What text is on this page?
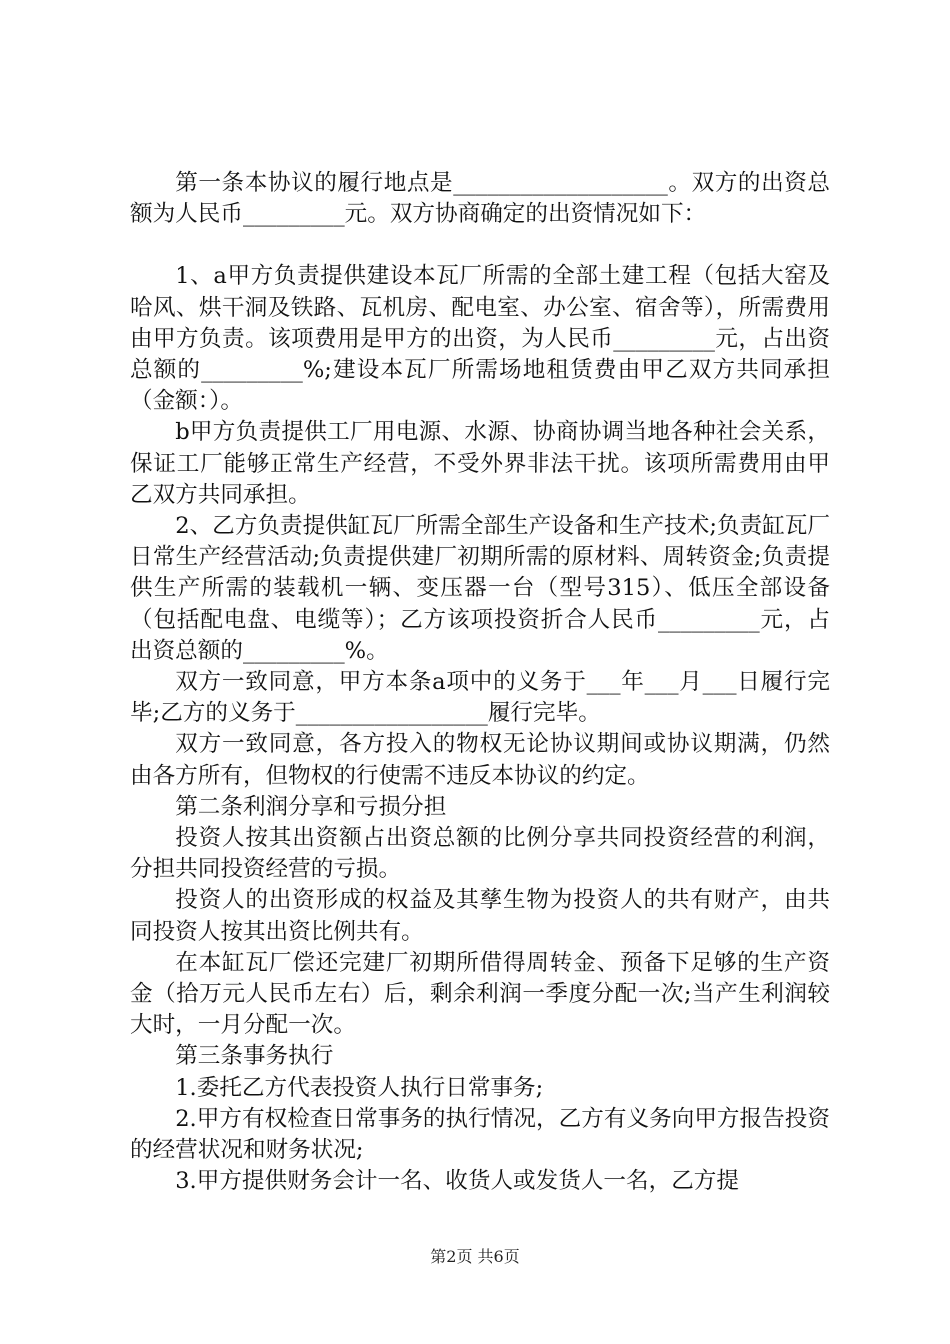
第一条本协议的履行地点是___________________。双方的出资总额为人民币_________元。双方协商确定的出资情况如下：

1、a甲方负责提供建设本瓦厂所需的全部土建工程（包括大窑及哈风、烘干洞及铁路、瓦机房、配电室、办公室、宿舍等），所需费用由甲方负责。该项费用是甲方的出资，为人民币_________元，占出资总额的_________%;建设本瓦厂所需场地租赁费由甲乙双方共同承担（金额：）。

b甲方负责提供工厂用电源、水源、协商协调当地各种社会关系，保证工厂能够正常生产经营，不受外界非法干扰。该项所需费用由甲乙双方共同承担。

2、乙方负责提供缸瓦厂所需全部生产设备和生产技术;负责缸瓦厂日常生产经营活动;负责提供建厂初期所需的原材料、周转资金;负责提供生产所需的装载机一辆、变压器一台（型号315）、低压全部设备（包括配电盘、电缆等）；乙方该项投资折合人民币_________元，占出资总额的_________%。

双方一致同意，甲方本条a项中的义务于___年___月___日履行完毕;乙方的义务于_________________履行完毕。

双方一致同意，各方投入的物权无论协议期间或协议期满，仍然由各方所有，但物权的行使需不违反本协议的约定。

第二条利润分享和亏损分担

投资人按其出资额占出资总额的比例分享共同投资经营的利润，分担共同投资经营的亏损。

投资人的出资形成的权益及其孳生物为投资人的共有财产，由共同投资人按其出资比例共有。

在本缸瓦厂偿还完建厂初期所借得周转金、预备下足够的生产资金（拾万元人民币左右）后，剩余利润一季度分配一次;当产生利润较大时，一月分配一次。

第三条事务执行

1.委托乙方代表投资人执行日常事务;

2.甲方有权检查日常事务的执行情况，乙方有义务向甲方报告投资的经营状况和财务状况;

3.甲方提供财务会计一名、收货人或发货人一名，乙方提

第2页 共6页
